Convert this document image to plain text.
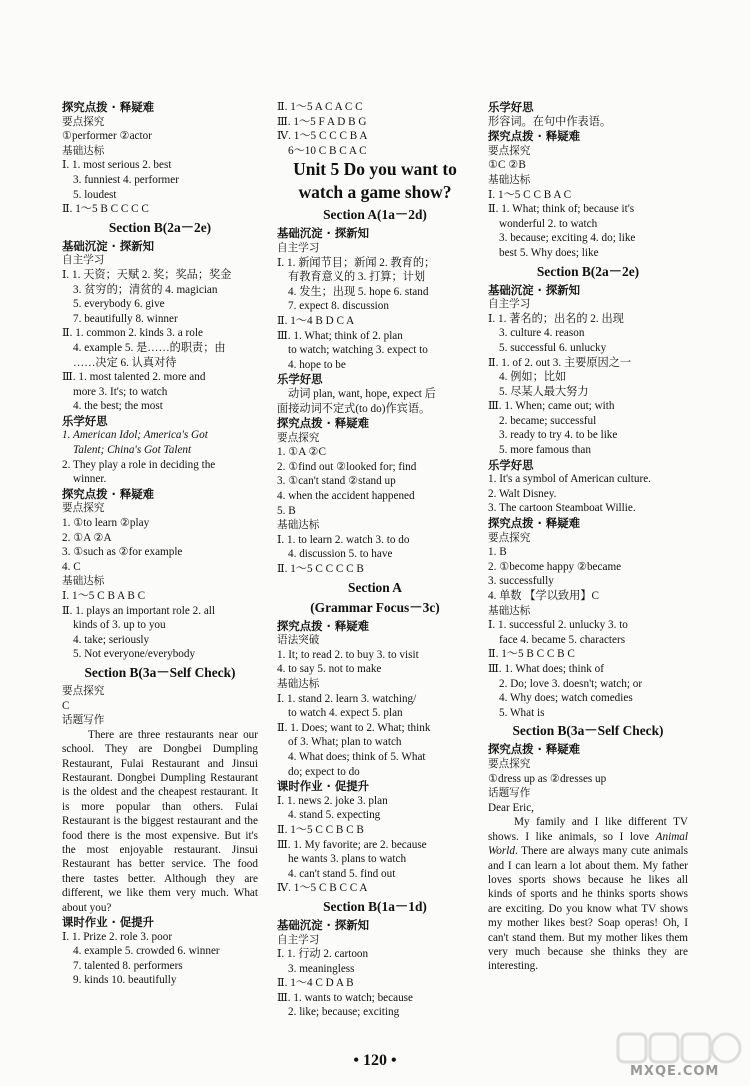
探究点拨 · 释疑难
要点探究
①performer ②actor
基础达标
Ⅰ. 1. most serious 2. best
3. funniest 4. performer
5. loudest
Ⅱ. 1～5 B C C C C
Section B(2a－2e)
基础沉淀 · 探新知
自主学习
Ⅰ. 1. 天资；天赋 2. 奖；奖品；奖金
3. 贫穷的；清贫的 4. magician
5. everybody 6. give
7. beautifully 8. winner
Ⅱ. 1. common 2. kinds 3. a role
4. example 5. 是……的职责；由
……决定 6. 认真对待
Ⅲ. 1. most talented 2. more and
more 3. It's; to watch
4. the best; the most
乐学好思
1. American Idol; America's Got
Talent; China's Got Talent
2. They play a role in deciding the
winner.
探究点拨 · 释疑难
要点探究
1. ①to learn ②play
2. ①A ②A
3. ①such as ②for example
4. C
基础达标
Ⅰ. 1～5 C B A B C
Ⅱ. 1. plays an important role 2. all
kinds of 3. up to you
4. take; seriously
5. Not everyone/everybody
Section B(3a－Self Check)
要点探究
C
话题写作

There are three restaurants near our school. They are Dongbei Dumpling Restaurant, Fulai Restaurant and Jinsui Restaurant. Dongbei Dumpling Restaurant is the oldest and the cheapest restaurant. It is more popular than others. Fulai Restaurant is the biggest restaurant and the food there is the most expensive. But it's the most enjoyable restaurant. Jinsui Restaurant has better service. The food there tastes better. Although they are different, we like them very much. What about you?

课时作业 · 促提升
Ⅰ. 1. Prize 2. role 3. poor
4. example 5. crowded 6. winner
7. talented 8. performers
9. kinds 10. beautifully
Ⅱ. 1～5 A C A C C
Ⅲ. 1～5 F A D B G
Ⅳ. 1～5 C C C B A
6～10 C B C A C
Unit 5 Do you want to
watch a game show?
Section A(1a－2d)
基础沉淀 · 探新知
自主学习
Ⅰ. 1. 新闻节目；新闻 2. 教育的；
有教育意义的 3. 打算；计划
4. 发生；出现 5. hope 6. stand
7. expect 8. discussion
Ⅱ. 1～4 B D C A
Ⅲ. 1. What; think of 2. plan
to watch; watching 3. expect to
4. hope to be
乐学好思
动词 plan, want, hope, expect 后
面接动词不定式(to do)作宾语。
探究点拨 · 释疑难
要点探究
1. ①A ②C
2. ①find out ②looked for; find
3. ①can't stand ②stand up
4. when the accident happened
5. B
基础达标
Ⅰ. 1. to learn 2. watch 3. to do
4. discussion 5. to have
Ⅱ. 1～5 C C C C B
Section A
(Grammar Focus－3c)
探究点拨 · 释疑难
语法突破
1. It; to read 2. to buy 3. to visit
4. to say 5. not to make
基础达标
Ⅰ. 1. stand 2. learn 3. watching/
to watch 4. expect 5. plan
Ⅱ. 1. Does; want to 2. What; think
of 3. What; plan to watch
4. What does; think of 5. What
do; expect to do
课时作业 · 促提升
Ⅰ. 1. news 2. joke 3. plan
4. stand 5. expecting
Ⅱ. 1～5 C C B C B
Ⅲ. 1. My favorite; are 2. because
he wants 3. plans to watch
4. can't stand 5. find out
Ⅳ. 1～5 C B C C A
Section B(1a－1d)
基础沉淀 · 探新知
自主学习
Ⅰ. 1. 行动 2. cartoon
3. meaningless
Ⅱ. 1～4 C D A B
Ⅲ. 1. wants to watch; because
2. like; because; exciting
乐学好思
形容词。在句中作表语。
探究点拨 · 释疑难
要点探究
①C ②B
基础达标
Ⅰ. 1～5 C C B A C
Ⅱ. 1. What; think of; because it's
wonderful 2. to watch
3. because; exciting 4. do; like
best 5. Why does; like
Section B(2a－2e)
基础沉淀 · 探新知
自主学习
Ⅰ. 1. 著名的；出名的 2. 出现
3. culture 4. reason
5. successful 6. unlucky
Ⅱ. 1. of 2. out 3. 主要原因之一
4. 例如；比如
5. 尽某人最大努力
Ⅲ. 1. When; came out; with
2. became; successful
3. ready to try 4. to be like
5. more famous than
乐学好思
1. It's a symbol of American culture.
2. Walt Disney.
3. The cartoon Steamboat Willie.
探究点拨 · 释疑难
要点探究
1. B
2. ①become happy ②became
3. successfully
4. 单数 【学以致用】C
基础达标
Ⅰ. 1. successful 2. unlucky 3. to
face 4. became 5. characters
Ⅱ. 1～5 B C C B C
Ⅲ. 1. What does; think of
2. Do; love 3. doesn't; watch; or
4. Why does; watch comedies
5. What is
Section B(3a－Self Check)
探究点拨 · 释疑难
要点探究
①dress up as ②dresses up
话题写作
Dear Eric,

My family and I like different TV shows. I like animals, so I love Animal World. There are always many cute animals and I can learn a lot about them. My father loves sports shows because he likes all kinds of sports and he thinks sports shows are exciting. Do you know what TV shows my mother likes best? Soap operas! Oh, I can't stand them. But my mother likes them very much because she thinks they are interesting.

• 120 •
MXQE.COM
